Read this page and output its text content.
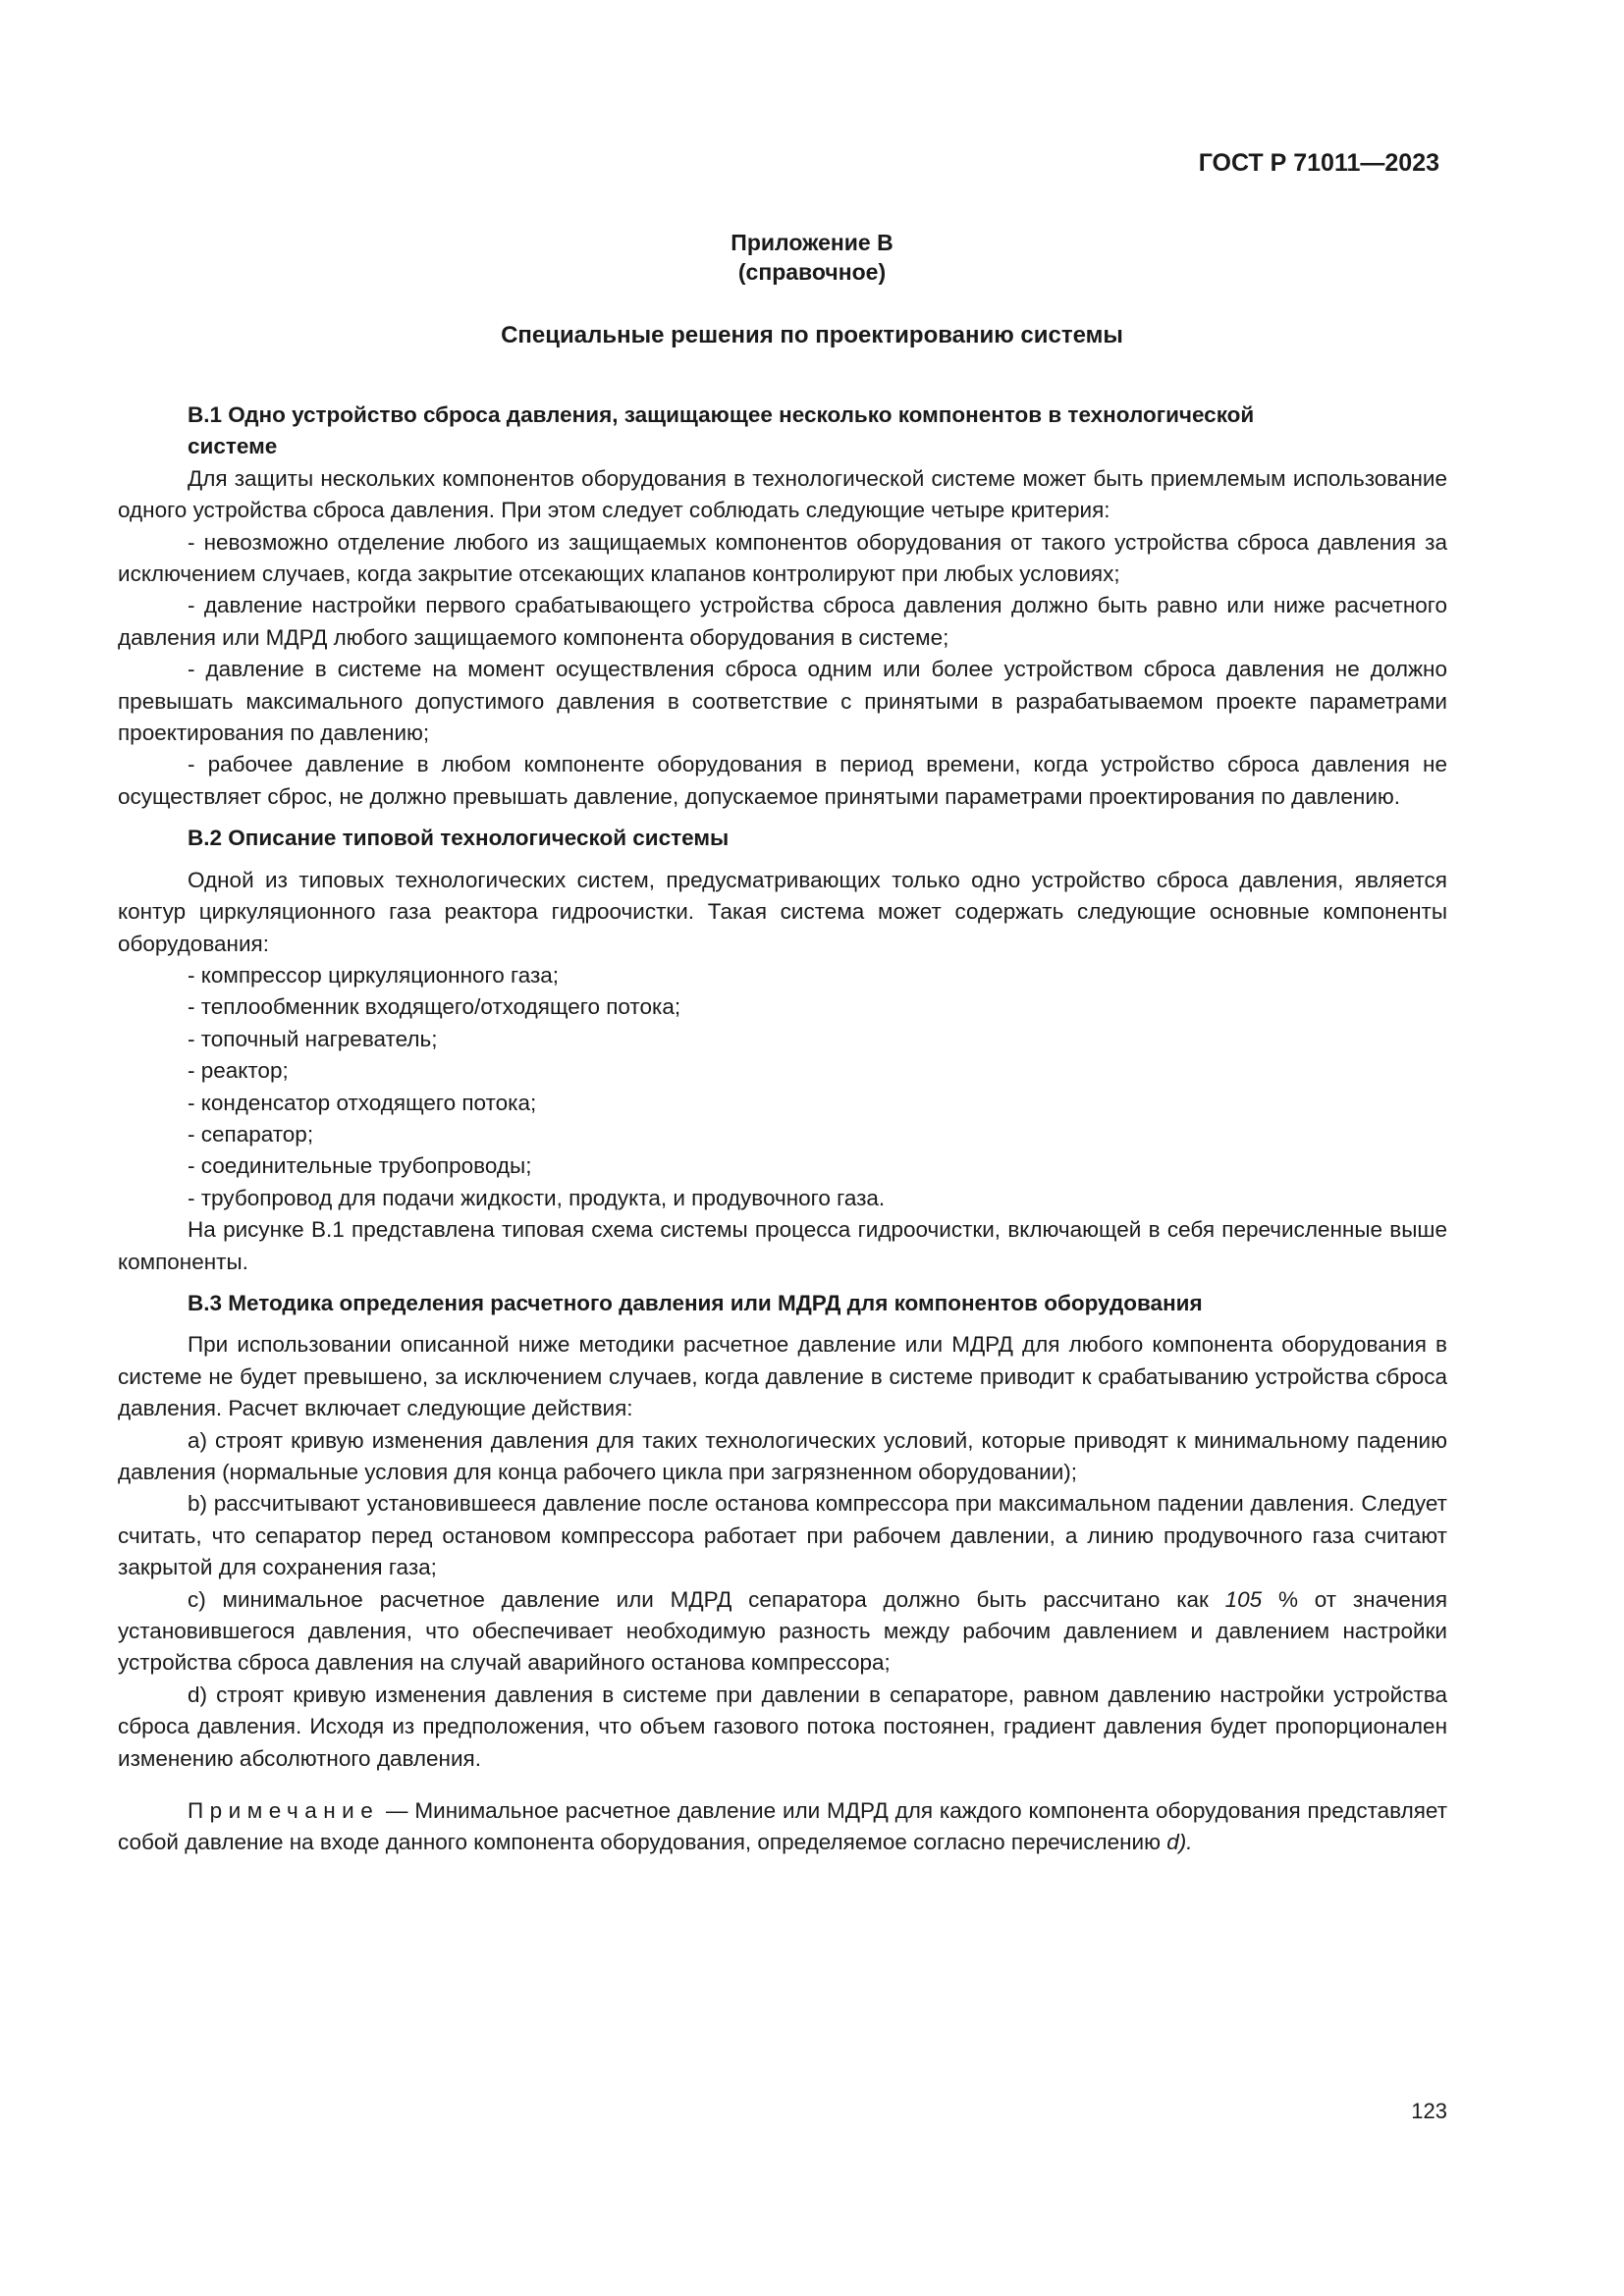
ГОСТ Р 71011—2023
Приложение В
(справочное)
Специальные решения по проектированию системы

В.1 Одно устройство сброса давления, защищающее несколько компонентов в технологической

системе

Для защиты нескольких компонентов оборудования в технологической системе может быть приемлемым использование одного устройства сброса давления. При этом следует соблюдать следующие четыре критерия:

- невозможно отделение любого из защищаемых компонентов оборудования от такого устройства сброса давления за исключением случаев, когда закрытие отсекающих клапанов контролируют при любых условиях;

- давление настройки первого срабатывающего устройства сброса давления должно быть равно или ниже расчетного давления или МДРД любого защищаемого компонента оборудования в системе;

- давление в системе на момент осуществления сброса одним или более устройством сброса давления не должно превышать максимального допустимого давления в соответствие с принятыми в разрабатываемом проекте параметрами проектирования по давлению;

- рабочее давление в любом компоненте оборудования в период времени, когда устройство сброса давления не осуществляет сброс, не должно превышать давление, допускаемое принятыми параметрами проектирования по давлению.

В.2 Описание типовой технологической системы

Одной из типовых технологических систем, предусматривающих только одно устройство сброса давления, является контур циркуляционного газа реактора гидроочистки. Такая система может содержать следующие основные компоненты оборудования:

- компрессор циркуляционного газа;

- теплообменник входящего/отходящего потока;

- топочный нагреватель;

- реактор;

- конденсатор отходящего потока;

- сепаратор;

- соединительные трубопроводы;

- трубопровод для подачи жидкости, продукта, и продувочного газа.

На рисунке В.1 представлена типовая схема системы процесса гидроочистки, включающей в себя перечисленные выше компоненты.

В.3 Методика определения расчетного давления или МДРД для компонентов оборудования

При использовании описанной ниже методики расчетное давление или МДРД для любого компонента оборудования в системе не будет превышено, за исключением случаев, когда давление в системе приводит к срабатыванию устройства сброса давления. Расчет включает следующие действия:

a) строят кривую изменения давления для таких технологических условий, которые приводят к минимальному падению давления (нормальные условия для конца рабочего цикла при загрязненном оборудовании);

b) рассчитывают установившееся давление после останова компрессора при максимальном падении давления. Следует считать, что сепаратор перед остановом компрессора работает при рабочем давлении, а линию продувочного газа считают закрытой для сохранения газа;

c) минимальное расчетное давление или МДРД сепаратора должно быть рассчитано как 105 % от значения установившегося давления, что обеспечивает необходимую разность между рабочим давлением и давлением настройки устройства сброса давления на случай аварийного останова компрессора;

d) строят кривую изменения давления в системе при давлении в сепараторе, равном давлению настройки устройства сброса давления. Исходя из предположения, что объем газового потока постоянен, градиент давления будет пропорционален изменению абсолютного давления.

Примечание — Минимальное расчетное давление или МДРД для каждого компонента оборудования представляет собой давление на входе данного компонента оборудования, определяемое согласно перечислению d).

123
